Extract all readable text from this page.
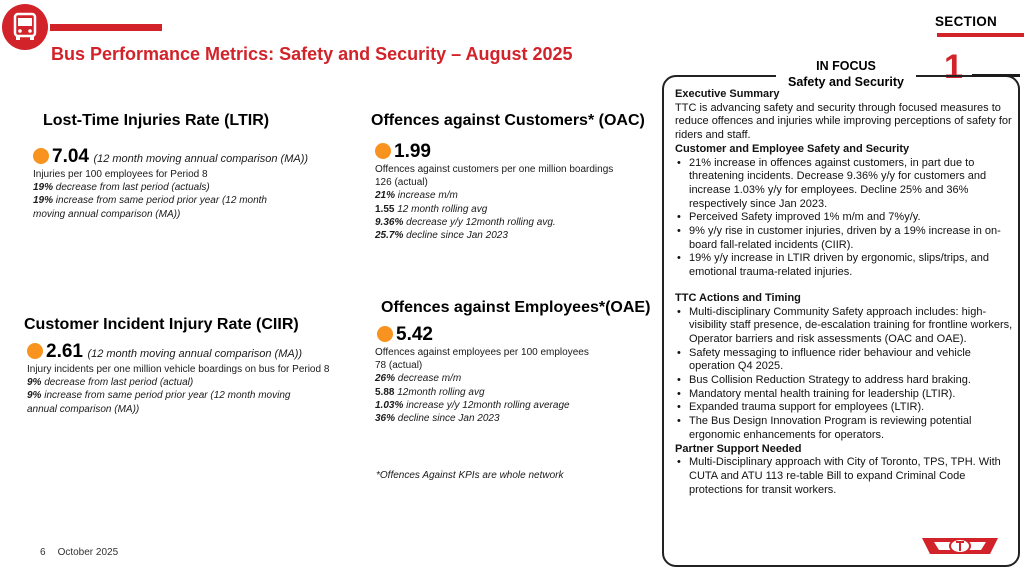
Bus Performance Metrics: Safety and Security – August 2025
SECTION
1
Lost-Time Injuries Rate (LTIR)
7.04 (12 month moving annual comparison (MA))
Injuries per 100 employees for Period 8
19% decrease from last period (actuals)
19% increase from same period prior year (12 month
moving annual comparison (MA))
Customer Incident Injury Rate (CIIR)
2.61 (12 month moving annual comparison (MA))
Injury incidents per one million vehicle boardings on bus for Period 8
9% decrease from last period (actual)
9% increase from same period prior year (12 month moving
annual comparison (MA))
Offences against Customers* (OAC)
1.99
Offences against customers per one million boardings
126 (actual)
21% increase m/m
1.55 12 month rolling avg
9.36% decrease y/y 12month rolling avg.
25.7% decline since Jan 2023
Offences against Employees*(OAE)
5.42
Offences against employees per 100 employees
78 (actual)
26% decrease m/m
5.88 12month rolling avg
1.03% increase y/y 12month rolling average
36% decline since Jan 2023
*Offences Against KPIs are whole network
6 October 2025
IN FOCUS
Safety and Security
Executive Summary
TTC is advancing safety and security through focused measures to reduce offences and injuries while improving perceptions of safety for riders and staff.
Customer and Employee Safety and Security
• 21% increase in offences against customers, in part due to threatening incidents. Decrease 9.36% y/y for customers and increase 1.03% y/y for employees. Decline 25% and 36% respectively since Jan 2023.
• Perceived Safety improved 1% m/m and 7%y/y.
• 9% y/y rise in customer injuries, driven by a 19% increase in on-board fall-related incidents (CIIR).
• 19% y/y increase in LTIR driven by ergonomic, slips/trips, and emotional trauma-related injuries.
TTC Actions and Timing
• Multi-disciplinary Community Safety approach includes: high-visibility staff presence, de-escalation training for frontline workers, Operator barriers and risk assessments (OAC and OAE).
• Safety messaging to influence rider behaviour and vehicle operation Q4 2025.
• Bus Collision Reduction Strategy to address hard braking.
• Mandatory mental health training for leadership (LTIR).
• Expanded trauma support for employees (LTIR).
• The Bus Design Innovation Program is reviewing potential ergonomic enhancements for operators.
Partner Support Needed
• Multi-Disciplinary approach with City of Toronto, TPS, TPH. With CUTA and ATU 113 re-table Bill to expand Criminal Code protections for transit workers.
